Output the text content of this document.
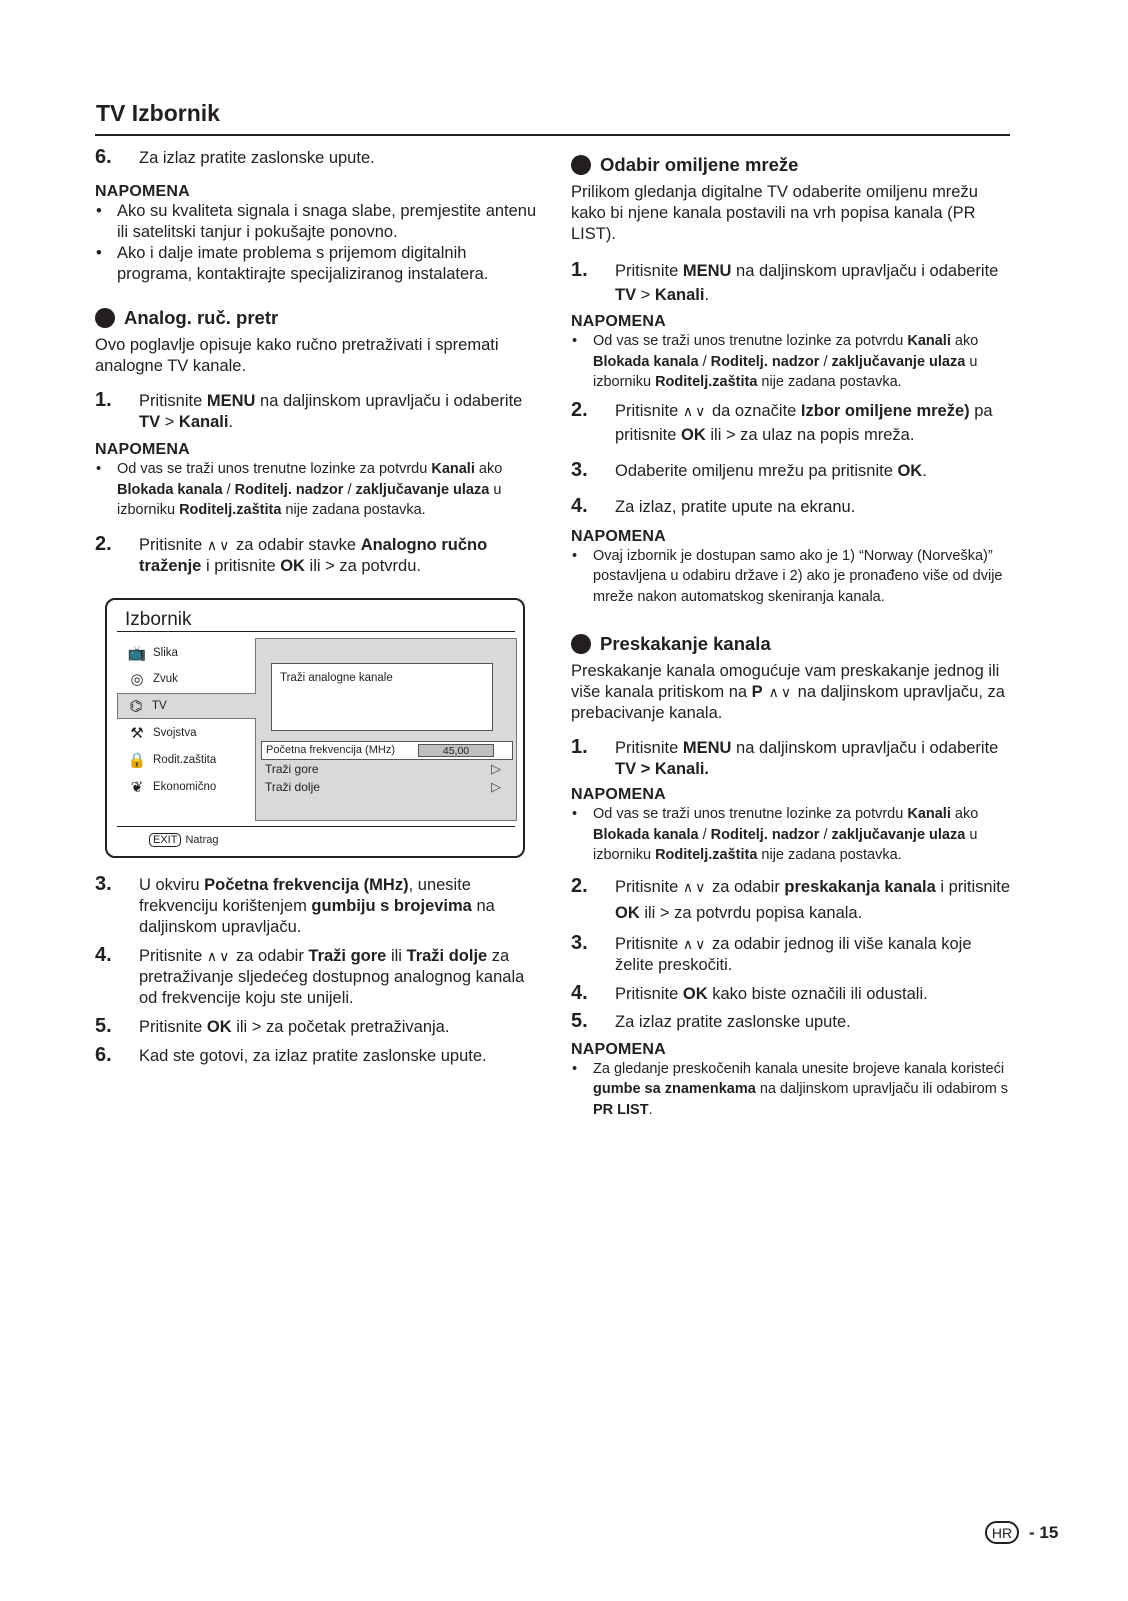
TV Izbornik
6. Za izlaz pratite zaslonske upute.
NAPOMENA
• Ako su kvaliteta signala i snaga slabe, premjestite antenu ili satelitski tanjur i pokušajte ponovno.
• Ako i dalje imate problema s prijemom digitalnih programa, kontaktirajte specijaliziranog instalatera.
Analog. ruč. pretr
Ovo poglavlje opisuje kako ručno pretraživati i spremati analogne TV kanale.
1. Pritisnite MENU na daljinskom upravljaču i odaberite TV > Kanali.
NAPOMENA
• Od vas se traži unos trenutne lozinke za potvrdu Kanali ako Blokada kanala / Roditelj. nadzor / zaključavanje ulaza u izborniku Roditelj.zaštita nije zadana postavka.
2. Pritisnite ∧∨ za odabir stavke Analogno ručno traženje i pritisnite OK ili > za potvrdu.
Izbornik
Traži analogne kanale
Početna frekvencija (MHz)	45,00
Traži gore	▷
Traži dolje	▷
📺 Slika
◎ Zvuk
⌬ TV
⚒ Svojstva
🔒 Rodit.zaštita
❦ Ekonomično
EXIT Natrag
3. U okviru Početna frekvencija (MHz), unesite frekvenciju korištenjem gumbiju s brojevima na daljinskom upravljaču.
4. Pritisnite ∧∨ za odabir Traži gore ili Traži dolje za pretraživanje sljedećeg dostupnog analognog kanala od frekvencije koju ste unijeli.
5. Pritisnite OK ili > za početak pretraživanja.
6. Kad ste gotovi, za izlaz pratite zaslonske upute.
Odabir omiljene mreže
Prilikom gledanja digitalne TV odaberite omiljenu mrežu kako bi njene kanala postavili na vrh popisa kanala (PR LIST).
1. Pritisnite MENU na daljinskom upravljaču i odaberite TV > Kanali.
NAPOMENA
• Od vas se traži unos trenutne lozinke za potvrdu Kanali ako Blokada kanala / Roditelj. nadzor / zaključavanje ulaza u izborniku Roditelj.zaštita nije zadana postavka.
2. Pritisnite ∧∨ da označite Izbor omiljene mreže) pa pritisnite OK ili > za ulaz na popis mreža.
3. Odaberite omiljenu mrežu pa pritisnite OK.
4. Za izlaz, pratite upute na ekranu.
NAPOMENA
• Ovaj izbornik je dostupan samo ako je 1) “Norway (Norveška)” postavljena u odabiru države i 2) ako je pronađeno više od dvije mreže nakon automatskog skeniranja kanala.
Preskakanje kanala
Preskakanje kanala omogućuje vam preskakanje jednog ili više kanala pritiskom na P ∧∨ na daljinskom upravljaču, za prebacivanje kanala.
1. Pritisnite MENU na daljinskom upravljaču i odaberite TV > Kanali.
NAPOMENA
• Od vas se traži unos trenutne lozinke za potvrdu Kanali ako Blokada kanala / Roditelj. nadzor / zaključavanje ulaza u izborniku Roditelj.zaštita nije zadana postavka.
2. Pritisnite ∧∨ za odabir preskakanja kanala i pritisnite OK ili > za potvrdu popisa kanala.
3. Pritisnite ∧∨ za odabir jednog ili više kanala koje želite preskočiti.
4. Pritisnite OK kako biste označili ili odustali.
5. Za izlaz pratite zaslonske upute.
NAPOMENA
• Za gledanje preskočenih kanala unesite brojeve kanala koristeći gumbe sa znamenkama na daljinskom upravljaču ili odabirom s PR LIST.
HR - 15
